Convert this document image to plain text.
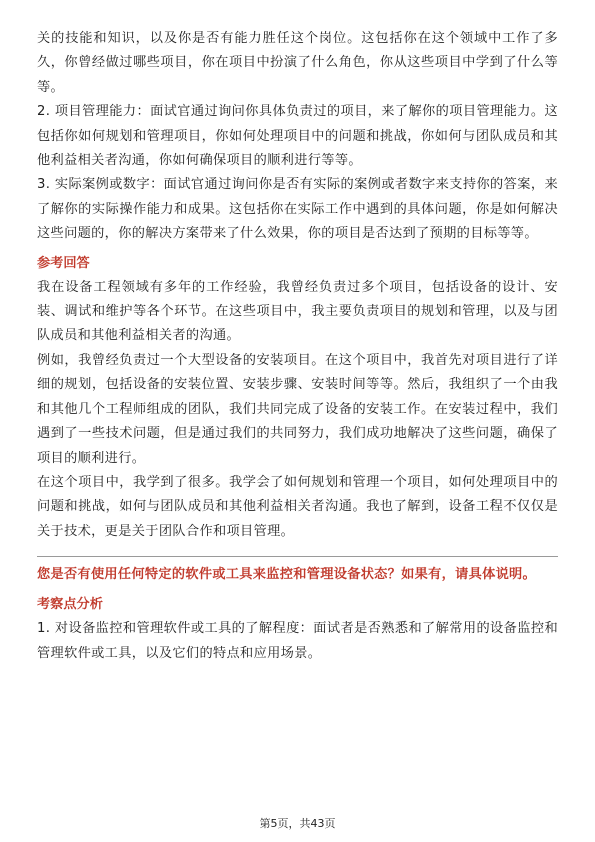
关的技能和知识，以及你是否有能力胜任这个岗位。这包括你在这个领域中工作了多久，你曾经做过哪些项目，你在项目中扮演了什么角色，你从这些项目中学到了什么等等。

2. 项目管理能力：面试官通过询问你具体负责过的项目，来了解你的项目管理能力。这包括你如何规划和管理项目，你如何处理项目中的问题和挑战，你如何与团队成员和其他利益相关者沟通，你如何确保项目的顺利进行等等。

3. 实际案例或数字：面试官通过询问你是否有实际的案例或者数字来支持你的答案，来了解你的实际操作能力和成果。这包括你在实际工作中遇到的具体问题，你是如何解决这些问题的，你的解决方案带来了什么效果，你的项目是否达到了预期的目标等等。

参考回答

我在设备工程领域有多年的工作经验，我曾经负责过多个项目，包括设备的设计、安装、调试和维护等各个环节。在这些项目中，我主要负责项目的规划和管理，以及与团队成员和其他利益相关者的沟通。

例如，我曾经负责过一个大型设备的安装项目。在这个项目中，我首先对项目进行了详细的规划，包括设备的安装位置、安装步骤、安装时间等等。然后，我组织了一个由我和其他几个工程师组成的团队，我们共同完成了设备的安装工作。在安装过程中，我们遇到了一些技术问题，但是通过我们的共同努力，我们成功地解决了这些问题，确保了项目的顺利进行。

在这个项目中，我学到了很多。我学会了如何规划和管理一个项目，如何处理项目中的问题和挑战，如何与团队成员和其他利益相关者沟通。我也了解到，设备工程不仅仅是关于技术，更是关于团队合作和项目管理。

您是否有使用任何特定的软件或工具来监控和管理设备状态？如果有，请具体说明。
考察点分析

1. 对设备监控和管理软件或工具的了解程度：面试者是否熟悉和了解常用的设备监控和管理软件或工具，以及它们的特点和应用场景。

第5页，共43页
